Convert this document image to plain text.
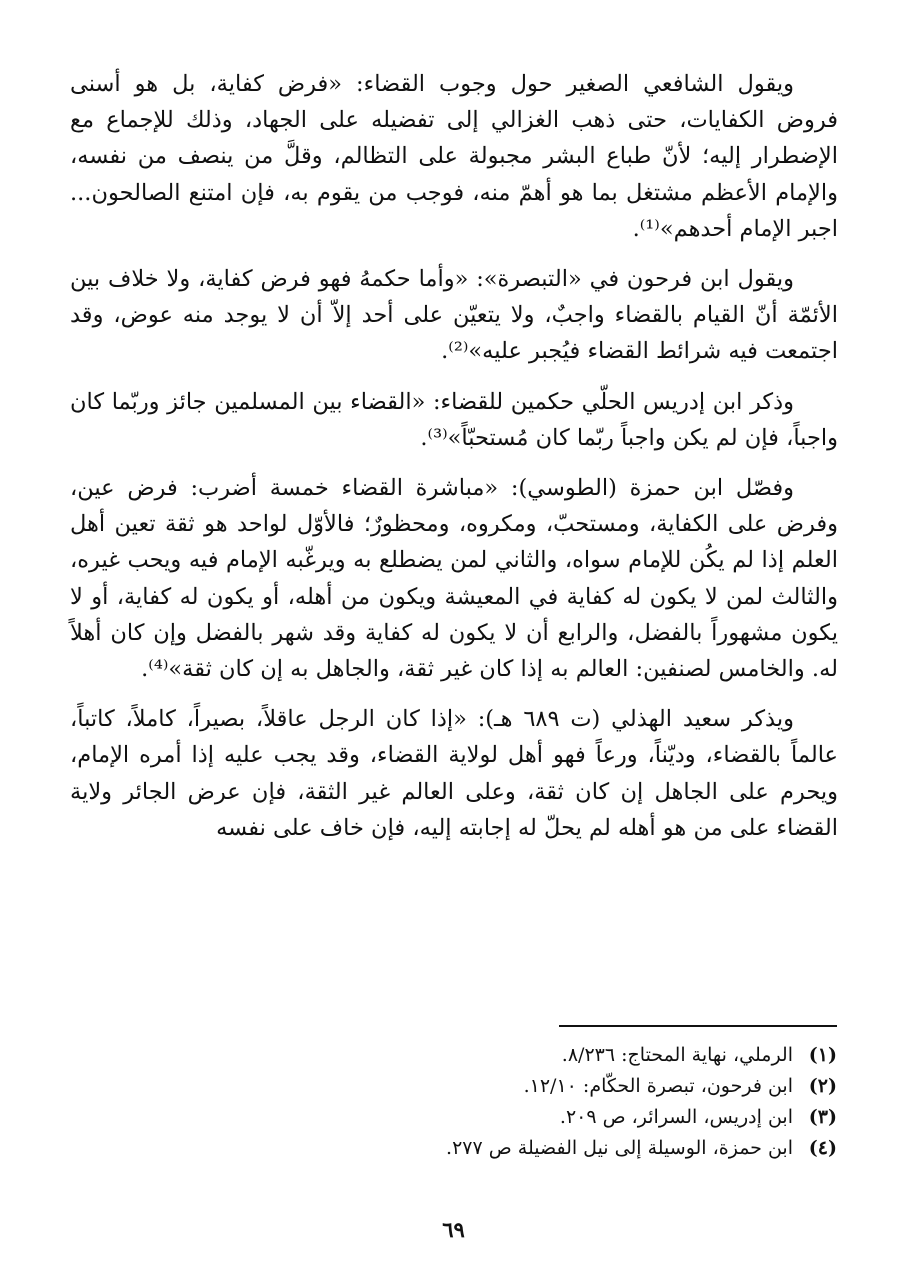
ويقول الشافعي الصغير حول وجوب القضاء: «فرض كفاية، بل هو أسنى فروض الكفايات، حتى ذهب الغزالي إلى تفضيله على الجهاد، وذلك للإجماع مع الإضطرار إليه؛ لأنّ طباع البشر مجبولة على التظالم، وقلَّ من ينصف من نفسه، والإمام الأعظم مشتغل بما هو أهمّ منه، فوجب من يقوم به، فإن امتنع الصالحون... اجبر الإمام أحدهم»⁽¹⁾.

ويقول ابن فرحون في «التبصرة»: «وأما حكمهُ فهو فرض كفاية، ولا خلاف بين الأئمّة أنّ القيام بالقضاء واجبٌ، ولا يتعيّن على أحد إلاّ أن لا يوجد منه عوض، وقد اجتمعت فيه شرائط القضاء فيُجبر عليه»⁽²⁾.

وذكر ابن إدريس الحلّي حكمين للقضاء: «القضاء بين المسلمين جائز وربّما كان واجباً، فإن لم يكن واجباً ربّما كان مُستحبّاً»⁽³⁾.

وفصّل ابن حمزة (الطوسي): «مباشرة القضاء خمسة أضرب: فرض عين، وفرض على الكفاية، ومستحبّ، ومكروه، ومحظورٌ؛ فالأوّل لواحد هو ثقة تعين أهل العلم إذا لم يكُن للإمام سواه، والثاني لمن يضطلع به ويرغّبه الإمام فيه ويحب غيره، والثالث لمن لا يكون له كفاية في المعيشة ويكون من أهله، أو يكون له كفاية، أو لا يكون مشهوراً بالفضل، والرابع أن لا يكون له كفاية وقد شهر بالفضل وإن كان أهلاً له. والخامس لصنفين: العالم به إذا كان غير ثقة، والجاهل به إن كان ثقة»⁽⁴⁾.

ويذكر سعيد الهذلي (ت ٦٨٩ هـ): «إذا كان الرجل عاقلاً، بصيراً، كاملاً، كاتباً، عالماً بالقضاء، وديّناً، ورعاً فهو أهل لولاية القضاء، وقد يجب عليه إذا أمره الإمام، ويحرم على الجاهل إن كان ثقة، وعلى العالم غير الثقة، فإن عرض الجائر ولاية القضاء على من هو أهله لم يحلّ له إجابته إليه، فإن خاف على نفسه

(١)
الرملي، نهاية المحتاج: ٨/٢٣٦.
(٢)
ابن فرحون، تبصرة الحكّام: ١٢/١٠.
(٣)
ابن إدريس، السرائر، ص ٢٠٩.
(٤)
ابن حمزة، الوسيلة إلى نيل الفضيلة ص ٢٧٧.
٦٩
